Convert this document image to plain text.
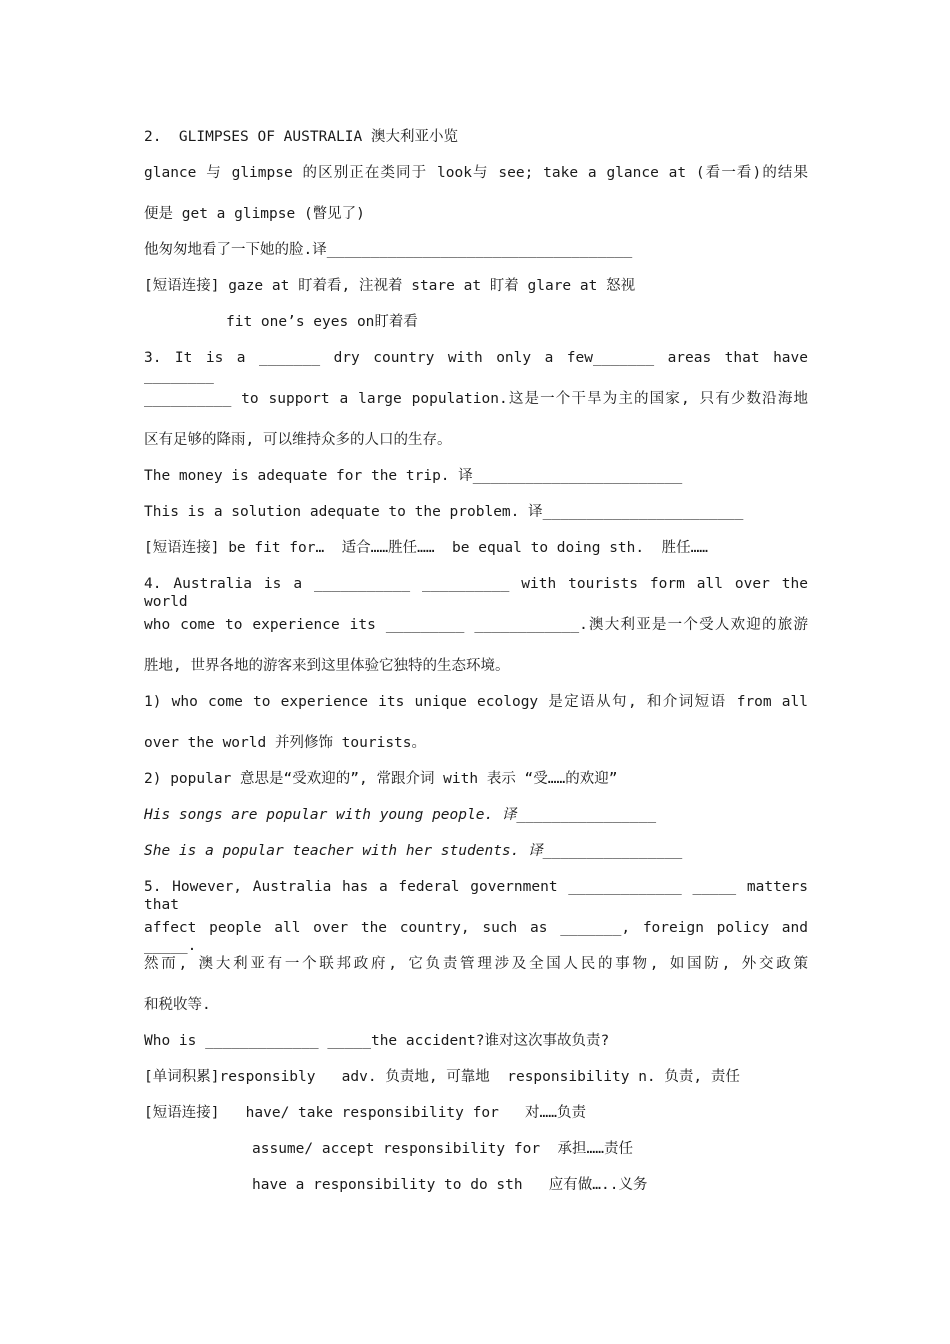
2.  GLIMPSES OF AUSTRALIA 澳大利亚小览
glance 与 glimpse 的区别正在类同于 look与 see; take a glance at (看一看)的结果
便是 get a glimpse (瞥见了)
他匆匆地看了一下她的脸.译___________________________________
[短语连接] gaze at 盯着看, 注视着 stare at 盯着 glare at 怒视
fit one’s eyes on盯着看
3. It is a _______ dry country with only a few_______ areas that have ________
__________ to support a large population.这是一个干旱为主的国家, 只有少数沿海地
区有足够的降雨, 可以维持众多的人口的生存。
The money is adequate for the trip. 译________________________
This is a solution adequate to the problem. 译_______________________
[短语连接] be fit for…  适合……胜任……  be equal to doing sth.  胜任……
4. Australia is a ___________ __________ with tourists form all over the world
who come to experience its _________ ____________.澳大利亚是一个受人欢迎的旅游
胜地, 世界各地的游客来到这里体验它独特的生态环境。
1) who come to experience its unique ecology 是定语从句, 和介词短语 from all
over the world 并列修饰 tourists。
2) popular 意思是“受欢迎的”, 常跟介词 with 表示 “受……的欢迎”
His songs are popular with young people. 译________________
She is a popular teacher with her students. 译________________
5. However, Australia has a federal government _____________ _____ matters that
affect people all over the country, such as _______, foreign policy and _____.
然而, 澳大利亚有一个联邦政府, 它负责管理涉及全国人民的事物, 如国防, 外交政策
和税收等.
Who is _____________ _____the accident?谁对这次事故负责?
[单词积累]responsibly   adv. 负责地, 可靠地  responsibility n. 负责, 责任
[短语连接]   have/ take responsibility for   对……负责
assume/ accept responsibility for  承担……责任
have a responsibility to do sth   应有做…..义务
